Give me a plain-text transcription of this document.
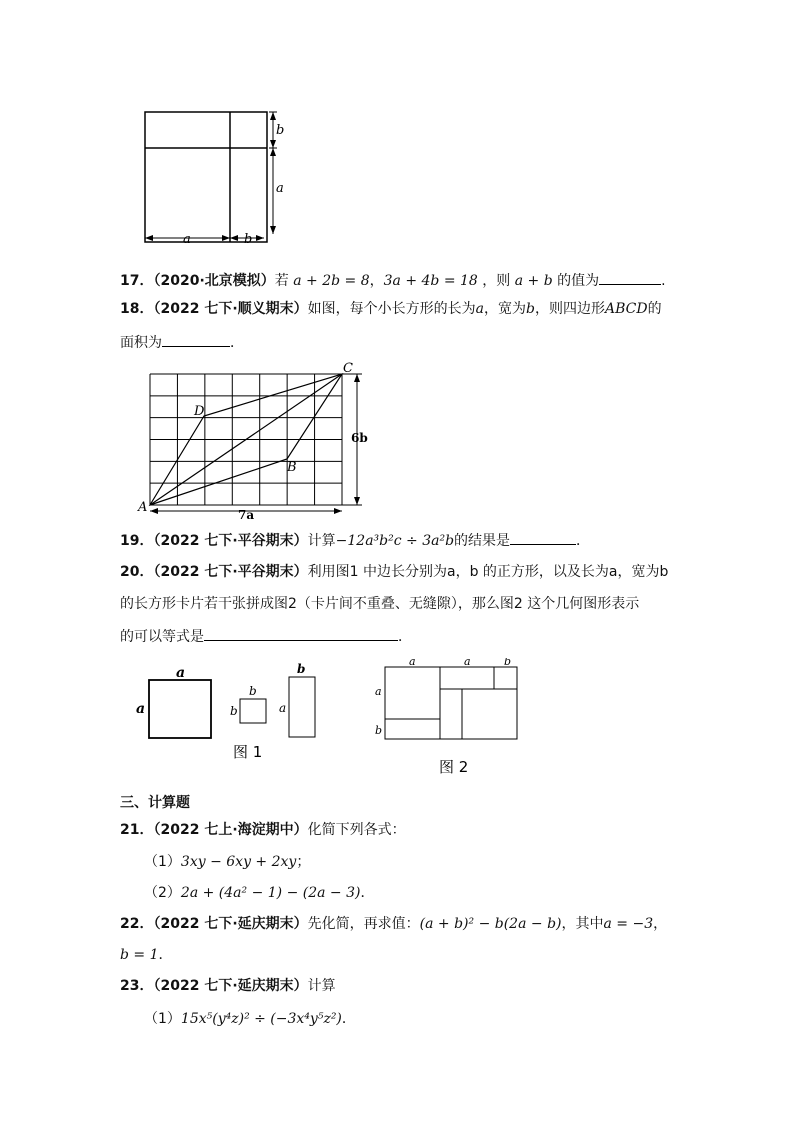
b
a
a	b
17．（2020·北京模拟）若 a + 2b = 8，3a + 4b = 18 ，则 a + b 的值为	.
18．（2022 七下·顺义期末）如图，每个小长方形的长为a，宽为b，则四边形ABCD的
面积为	．
6b
7a
C
D
B
A
19．（2022 七下·平谷期末）计算−12a³b²c ÷ 3a²b的结果是	．
20．（2022 七下·平谷期末）利用图1 中边长分别为a，b 的正方形，以及长为a，宽为b
的长方形卡片若干张拼成图2（卡片间不重叠、无缝隙），那么图2 这个几何图形表示
的可以等式是	．
a
a
b
b
b
a
图 1
a	a	b
a
b
图 2
三、计算题
21．（2022 七上·海淀期中）化简下列各式：
（1）3xy − 6xy + 2xy；
（2）2a + (4a² − 1) − (2a − 3)．
22．（2022 七下·延庆期末）先化简，再求值：(a + b)² − b(2a − b)，其中a = −3，
b = 1．
23．（2022 七下·延庆期末）计算
（1）15x⁵(y⁴z)² ÷ (−3x⁴y⁵z²)．
